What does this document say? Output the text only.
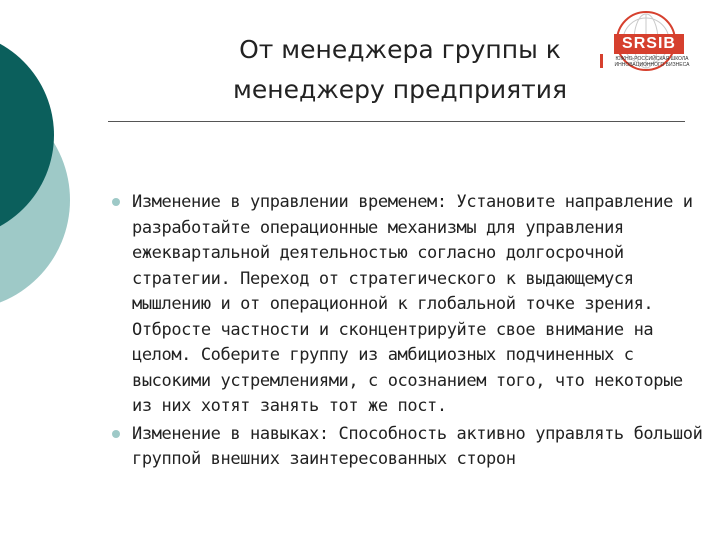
От менеджера группы к менеджеру предприятия
SRSIB
ЮЖНО-РОССИЙСКАЯ ШКОЛА ИННОВАЦИОННОГО БИЗНЕСА
Изменение в управлении временем: Установите направление и разработайте операционные механизмы для управления ежеквартальной деятельностью согласно долгосрочной стратегии. Переход от стратегического к выдающемуся мышлению и от операционной к глобальной точке зрения. Отбросте частности и сконцентрируйте свое внимание на целом. Соберите группу из амбициозных подчиненных с высокими устремлениями, с осознанием того, что некоторые из них хотят занять тот же пост.
Изменение в навыках: Способность активно управлять большой группой внешних заинтересованных сторон
